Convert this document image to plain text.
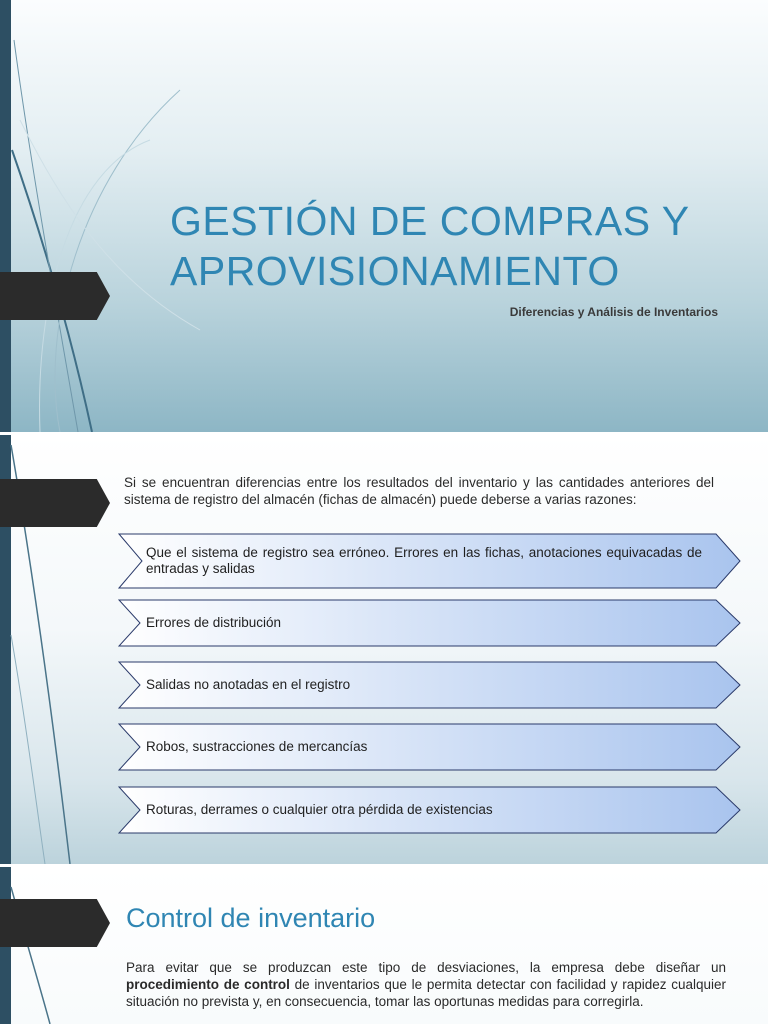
GESTIÓN DE COMPRAS Y
APROVISIONAMIENTO
Diferencias y Análisis de Inventarios

Si se encuentran diferencias entre los resultados del inventario y las cantidades anteriores del sistema de registro del almacén (fichas de almacén) puede deberse a varias razones:

Que el sistema de registro sea erróneo. Errores en las fichas, anotaciones equivacadas de entradas y salidas
Errores de distribución
Salidas no anotadas en el registro
Robos, sustracciones de mercancías
Roturas, derrames o cualquier otra pérdida de existencias
Control de inventario

Para evitar que se produzcan este tipo de desviaciones, la empresa debe diseñar un procedimiento de control de inventarios que le permita detectar con facilidad y rapidez cualquier situación no prevista y, en consecuencia, tomar las oportunas medidas para corregirla.
